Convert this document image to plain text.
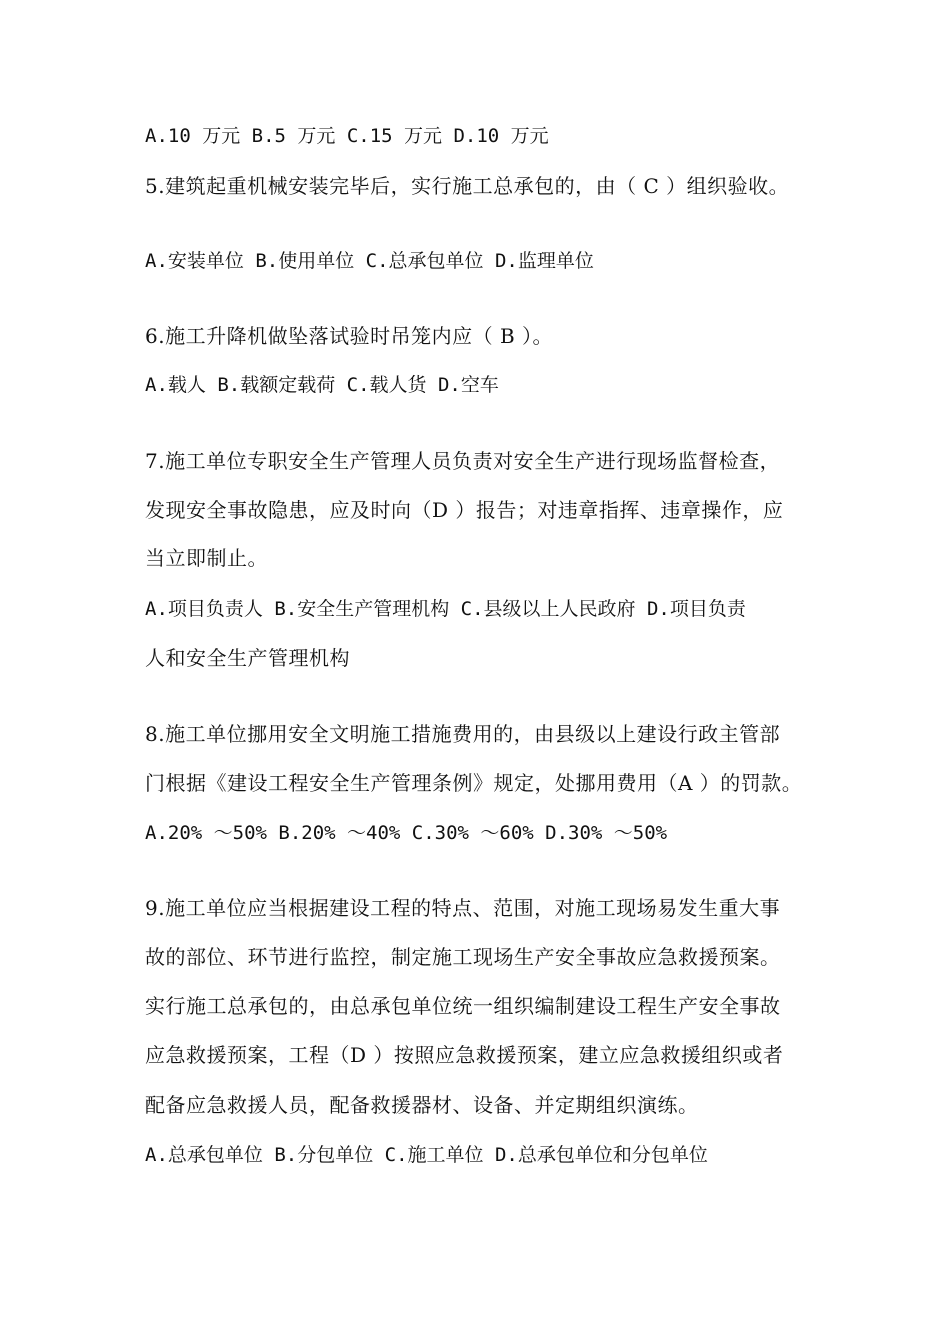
A.10 万元 B.5 万元 C.15 万元 D.10 万元
5.建筑起重机械安装完毕后，实行施工总承包的，由（ C ）组织验收。
A.安装单位 B.使用单位 C.总承包单位 D.监理单位
6.施工升降机做坠落试验时吊笼内应（ B ）。
A.载人 B.载额定载荷 C.载人货 D.空车
7.施工单位专职安全生产管理人员负责对安全生产进行现场监督检查，
发现安全事故隐患，应及时向（D ）报告；对违章指挥、违章操作，应
当立即制止。
A.项目负责人 B.安全生产管理机构 C.县级以上人民政府 D.项目负责
人和安全生产管理机构
8.施工单位挪用安全文明施工措施费用的，由县级以上建设行政主管部
门根据《建设工程安全生产管理条例》规定，处挪用费用（A ）的罚款。
A.20% ～50% B.20% ～40% C.30% ～60% D.30% ～50%
9.施工单位应当根据建设工程的特点、范围，对施工现场易发生重大事
故的部位、环节进行监控，制定施工现场生产安全事故应急救援预案。
实行施工总承包的，由总承包单位统一组织编制建设工程生产安全事故
应急救援预案，工程（D ）按照应急救援预案，建立应急救援组织或者
配备应急救援人员，配备救援器材、设备、并定期组织演练。
A.总承包单位 B.分包单位 C.施工单位 D.总承包单位和分包单位
